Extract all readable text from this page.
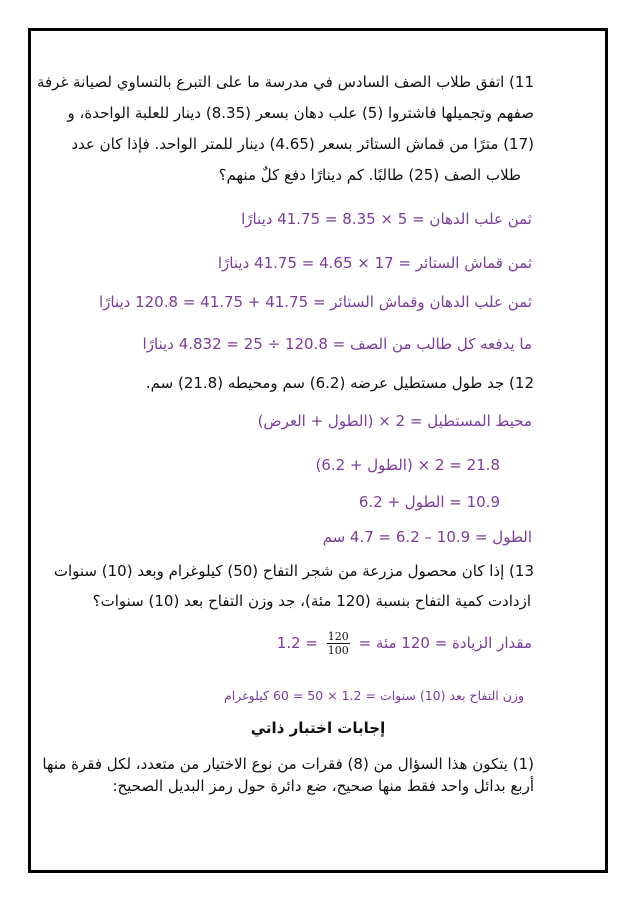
11) اتفق طلاب الصف السادس في مدرسة ما على التبرع بالتساوي لصيانة غرفة
صفهم وتجميلها فاشتروا (5) علب دهان بسعر (8.35) دينار للعلبة الواحدة، و
(17) مترًا من قماش الستائر بسعر (4.65) دينار للمتر الواحد. فإذا كان عدد
طلاب الصف (25) طالبًا. كم دينارًا دفع كلٌ منهم؟
ثمن علب الدهان = 5 × 8.35 = 41.75 دينارًا
ثمن قماش الستائر = 17 × 4.65 = 41.75 دينارًا
ثمن علب الدهان وقماش الستائر = 41.75 + 41.75 = 120.8 دينارًا
ما يدفعه كل طالب من الصف = 120.8 ÷ 25 = 4.832 دينارًا
12) جد طول مستطيل عرضه (6.2) سم ومحيطه (21.8) سم.
محيط المستطيل = 2 × (الطول + العرض)
21.8 = 2 × (الطول + 6.2)
10.9 = الطول + 6.2
الطول = 10.9 – 6.2 = 4.7 سم
13) إذا كان محصول مزرعة من شجر التفاح (50) كيلوغرام وبعد (10) سنوات
ازدادت كمية التفاح بنسبة (120 مئة)، جد وزن التفاح بعد (10) سنوات؟
مقدار الزيادة = 120 مئة =
$\frac{120}{100}$
= 1.2
وزن التفاح بعد (10) سنوات = 1.2 × 50 = 60 كيلوغرام
إجابات اختبار ذاتي
(1) يتكون هذا السؤال من (8) فقرات من نوع الاختيار من متعدد، لكل فقرة منها
أربع بدائل واحد فقط منها صحيح، ضع دائرة حول رمز البديل الصحيح:
